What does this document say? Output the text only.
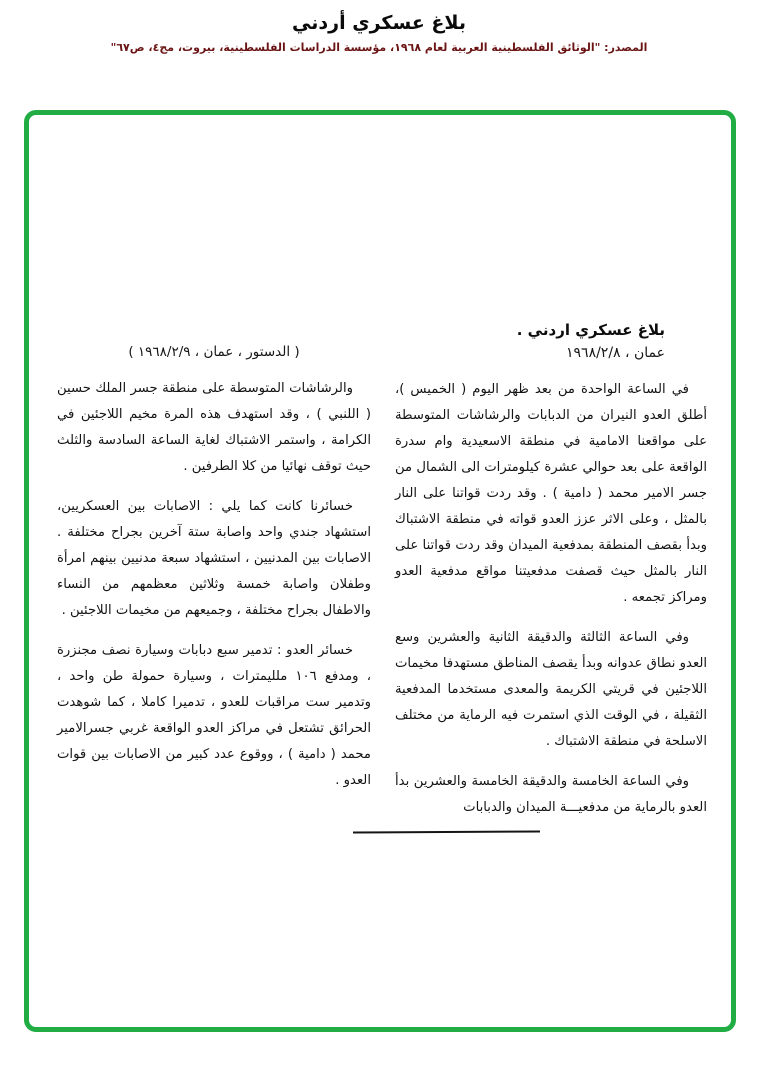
بلاغ عسكري أردني
المصدر: "الوثائق الفلسطينية العربية لعام ١٩٦٨، مؤسسة الدراسات الفلسطينية، بيروت، مج٤، ص٦٧"
بلاغ عسكري اردني .
عمان ، ١٩٦٨/٢/٨

في الساعة الواحدة من بعد ظهر اليوم ( الخميس )، أطلق العدو النيران من الدبابات والرشاشات المتوسطة على مواقعنا الامامية في منطقة الاسعيدية وام سدرة الواقعة على بعد حوالي عشرة كيلومترات الى الشمال من جسر الامير محمد ( دامية ) . وقد ردت قواتنا على النار بالمثل ، وعلى الاثر عزز العدو قواته في منطقة الاشتباك وبدأ بقصف المنطقة بمدفعية الميدان وقد ردت قواتنا على النار بالمثل حيث قصفت مدفعيتنا مواقع مدفعية العدو ومراكز تجمعه .

وفي الساعة الثالثة والدقيقة الثانية والعشرين وسع العدو نطاق عدوانه وبدأ يقصف المناطق مستهدفا مخيمات اللاجئين في قريتي الكريمة والمعدى مستخدما المدفعية الثقيلة ، في الوقت الذي استمرت فيه الرماية من مختلف الاسلحة في منطقة الاشتباك .

وفي الساعة الخامسة والدقيقة الخامسة والعشرين بدأ العدو بالرماية من مدفعيـــة الميدان والدبابات

( الدستور ، عمان ، ١٩٦٨/٢/٩ )

والرشاشات المتوسطة على منطقة جسر الملك حسين ( اللنبي ) ، وقد استهدف هذه المرة مخيم اللاجئين في الكرامة ، واستمر الاشتباك لغاية الساعة السادسة والثلث حيث توقف نهائيا من كلا الطرفين .

خسائرنا كانت كما يلي : الاصابات بين العسكريين، استشهاد جندي واحد واصابة ستة آخرين بجراح مختلفة . الاصابات بين المدنيين ، استشهاد سبعة مدنيين بينهم امرأة وطفلان واصابة خمسة وثلاثين معظمهم من النساء والاطفال بجراح مختلفة ، وجميعهم من مخيمات اللاجئين .

خسائر العدو : تدمير سبع دبابات وسيارة نصف مجنزرة ، ومدفع ١٠٦ ملليمترات ، وسيارة حمولة طن واحد ، وتدمير ست مراقبات للعدو ، تدميرا كاملا ، كما شوهدت الحرائق تشتعل في مراكز العدو الواقعة غربي جسرالامير محمد ( دامية ) ، ووقوع عدد كبير من الاصابات بين قوات العدو .
